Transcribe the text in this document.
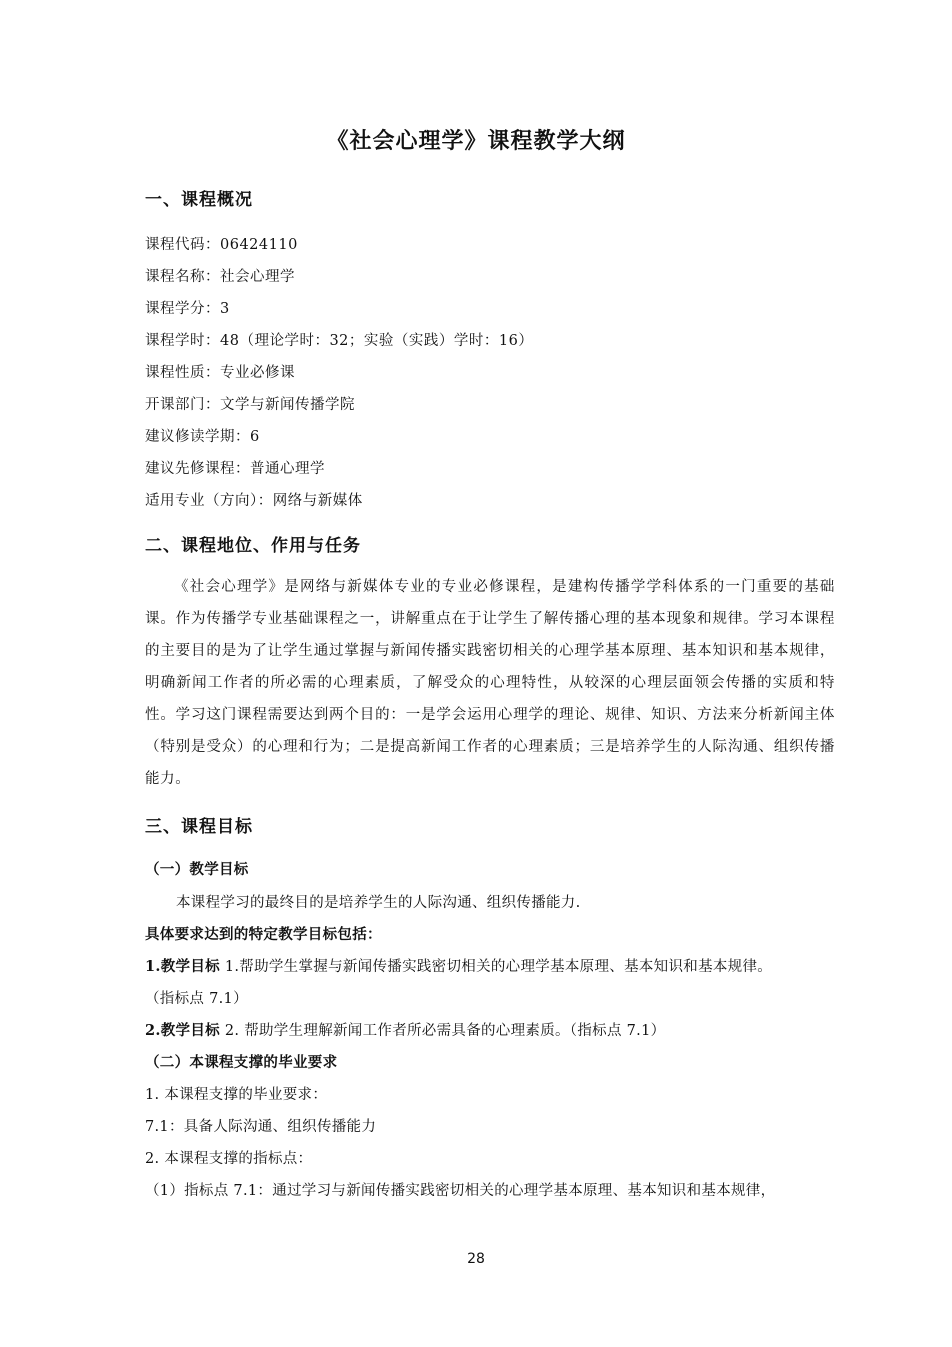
《社会心理学》课程教学大纲
一、课程概况
课程代码：06424110
课程名称：社会心理学
课程学分：3
课程学时：48（理论学时：32；实验（实践）学时：16）
课程性质：专业必修课
开课部门：文学与新闻传播学院
建议修读学期：6
建议先修课程：普通心理学
适用专业（方向）：网络与新媒体
二、课程地位、作用与任务
《社会心理学》是网络与新媒体专业的专业必修课程，是建构传播学学科体系的一门重要的基础课。作为传播学专业基础课程之一，讲解重点在于让学生了解传播心理的基本现象和规律。学习本课程的主要目的是为了让学生通过掌握与新闻传播实践密切相关的心理学基本原理、基本知识和基本规律，明确新闻工作者的所必需的心理素质，了解受众的心理特性，从较深的心理层面领会传播的实质和特性。学习这门课程需要达到两个目的：一是学会运用心理学的理论、规律、知识、方法来分析新闻主体（特别是受众）的心理和行为；二是提高新闻工作者的心理素质；三是培养学生的人际沟通、组织传播能力。
三、课程目标
（一）教学目标
本课程学习的最终目的是培养学生的人际沟通、组织传播能力.
具体要求达到的特定教学目标包括：
1.教学目标 1.帮助学生掌握与新闻传播实践密切相关的心理学基本原理、基本知识和基本规律。
（指标点 7.1）
2.教学目标 2. 帮助学生理解新闻工作者所必需具备的心理素质。（指标点 7.1）
（二）本课程支撑的毕业要求
1. 本课程支撑的毕业要求：
7.1：具备人际沟通、组织传播能力
2. 本课程支撑的指标点：
（1）指标点 7.1：通过学习与新闻传播实践密切相关的心理学基本原理、基本知识和基本规律，
28
